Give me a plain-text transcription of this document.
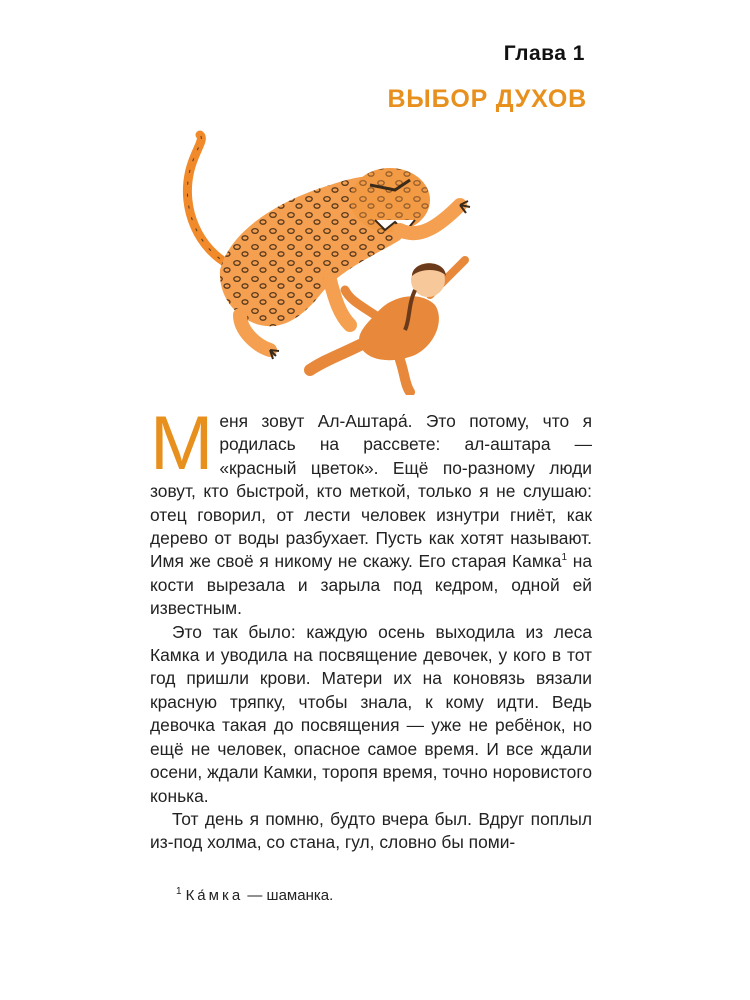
Глава 1
ВЫБОР ДУХОВ

Меня зовут Ал-Аштара́. Это потому, что я родилась на рассвете: ал-аштара — «красный цветок». Ещё по-разному люди зовут, кто быстрой, кто меткой, только я не слушаю: отец говорил, от лести человек изнутри гниёт, как дерево от воды разбухает. Пусть как хотят называют. Имя же своё я никому не скажу. Его старая Камка$^1$ на кости вырезала и зарыла под кедром, одной ей известным.

Это так было: каждую осень выходила из леса Камка и уводила на посвящение девочек, у кого в тот год пришли крови. Матери их на коновязь вязали красную тряпку, чтобы знала, к кому идти. Ведь девочка такая до посвящения — уже не ребёнок, но ещё не человек, опасное самое время. И все ждали осени, ждали Камки, торопя время, точно норовистого конька.

Тот день я помню, будто вчера был. Вдруг поплыл из-под холма, со стана, гул, словно бы поми-

$^1$ Ка́мка — шаманка.
